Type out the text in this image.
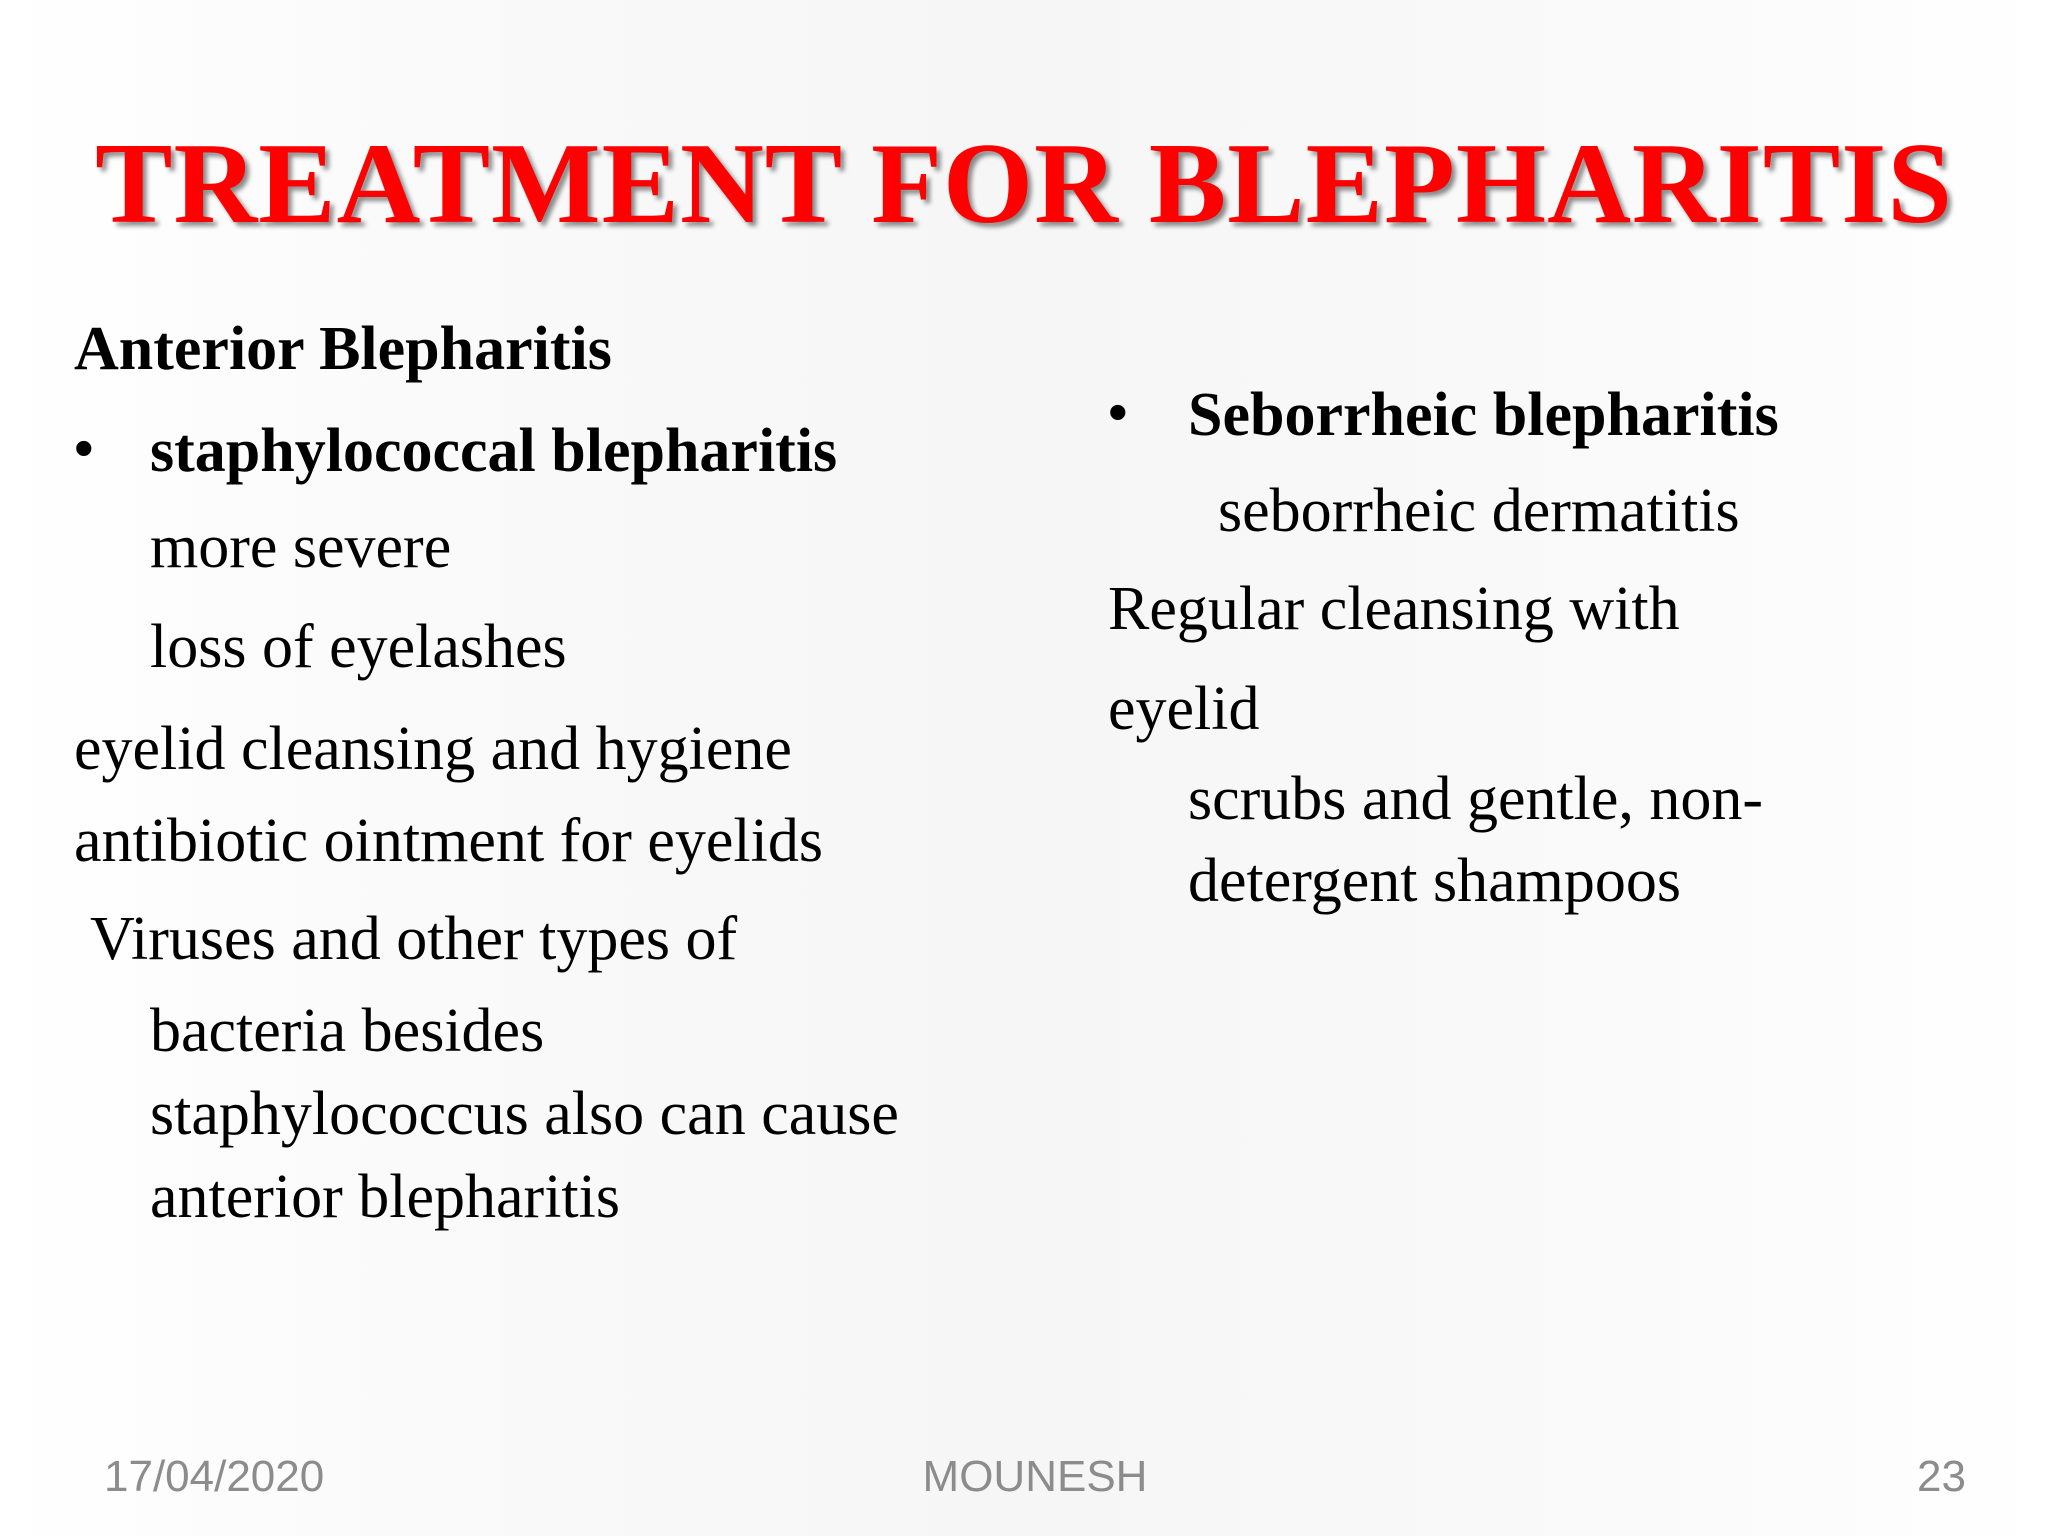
TREATMENT FOR BLEPHARITIS
Anterior Blepharitis
• staphylococcal blepharitis
more severe
loss of eyelashes
eyelid cleansing and hygiene
antibiotic ointment for eyelids
Viruses and other types of
bacteria besides
staphylococcus also can cause
anterior blepharitis
• Seborrheic blepharitis
seborrheic dermatitis
Regular cleansing with
eyelid
scrubs and gentle, non-
detergent shampoos
17/04/2020	MOUNESH	23
